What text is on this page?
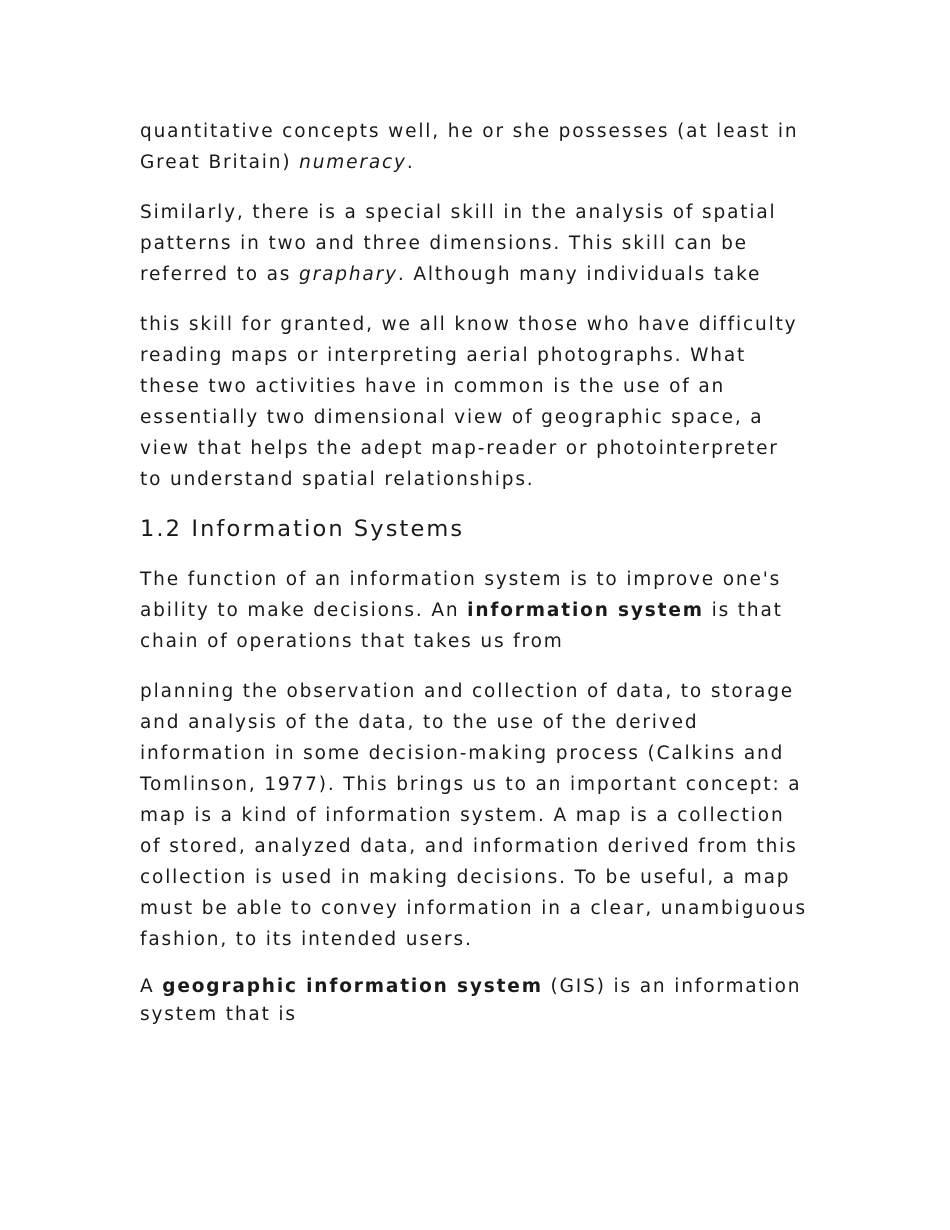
quantitative concepts well, he or she possesses (at least in
Great Britain) numeracy.

Similarly, there is a special skill in the analysis of spatial
patterns in two and three dimensions. This skill can be
referred to as graphary. Although many individuals take

this skill for granted, we all know those who have difficulty
reading maps or interpreting aerial photographs. What
these two activities have in common is the use of an
essentially two dimensional view of geographic space, a
view that helps the adept map-reader or photointerpreter
to understand spatial relationships.

1.2 Information Systems

The function of an information system is to improve one's
ability to make decisions. An information system is that
chain of operations that takes us from

planning the observation and collection of data, to storage
and analysis of the data, to the use of the derived
information in some decision-making process (Calkins and
Tomlinson, 1977). This brings us to an important concept: a
map is a kind of information system. A map is a collection
of stored, analyzed data, and information derived from this
collection is used in making decisions. To be useful, a map
must be able to convey information in a clear, unambiguous
fashion, to its intended users.

A geographic information system (GIS) is an information
system that is
